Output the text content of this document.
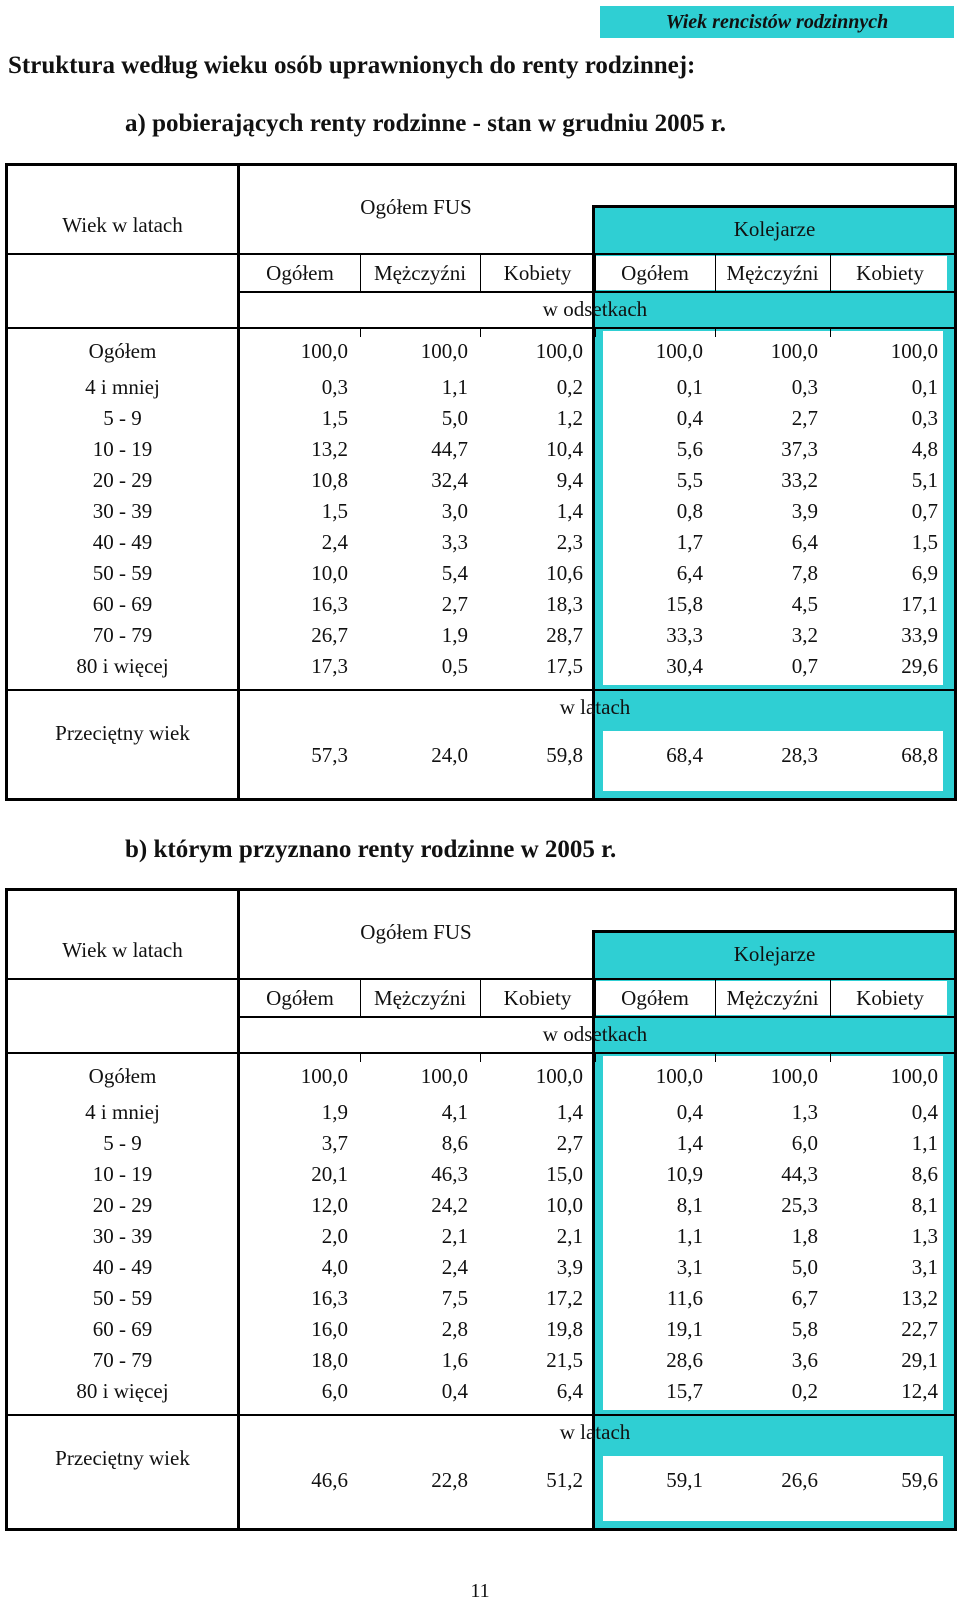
Wiek rencistów rodzinnych
Struktura według wieku osób uprawnionych do renty rodzinnej:
a) pobierających renty rodzinne - stan w grudniu 2005 r.
Wiek w latach
Ogółem FUS
Kolejarze
Ogółem	Mężczyźni	Kobiety	Ogółem	Mężczyźni	Kobiety
w odsetkach
Ogółem	100,0	100,0	100,0	100,0	100,0	100,0
4 i mniej	0,3	1,1	0,2	0,1	0,3	0,1
5 - 9	1,5	5,0	1,2	0,4	2,7	0,3
10 - 19	13,2	44,7	10,4	5,6	37,3	4,8
20 - 29	10,8	32,4	9,4	5,5	33,2	5,1
30 - 39	1,5	3,0	1,4	0,8	3,9	0,7
40 - 49	2,4	3,3	2,3	1,7	6,4	1,5
50 - 59	10,0	5,4	10,6	6,4	7,8	6,9
60 - 69	16,3	2,7	18,3	15,8	4,5	17,1
70 - 79	26,7	1,9	28,7	33,3	3,2	33,9
80 i więcej	17,3	0,5	17,5	30,4	0,7	29,6
Przeciętny wiek
w latach
57,3	24,0	59,8	68,4	28,3	68,8
b) którym przyznano renty rodzinne w 2005 r.
Wiek w latach
Ogółem FUS
Kolejarze
Ogółem	Mężczyźni	Kobiety	Ogółem	Mężczyźni	Kobiety
w odsetkach
Ogółem	100,0	100,0	100,0	100,0	100,0	100,0
4 i mniej	1,9	4,1	1,4	0,4	1,3	0,4
5 - 9	3,7	8,6	2,7	1,4	6,0	1,1
10 - 19	20,1	46,3	15,0	10,9	44,3	8,6
20 - 29	12,0	24,2	10,0	8,1	25,3	8,1
30 - 39	2,0	2,1	2,1	1,1	1,8	1,3
40 - 49	4,0	2,4	3,9	3,1	5,0	3,1
50 - 59	16,3	7,5	17,2	11,6	6,7	13,2
60 - 69	16,0	2,8	19,8	19,1	5,8	22,7
70 - 79	18,0	1,6	21,5	28,6	3,6	29,1
80 i więcej	6,0	0,4	6,4	15,7	0,2	12,4
Przeciętny wiek
w latach
46,6	22,8	51,2	59,1	26,6	59,6
11
